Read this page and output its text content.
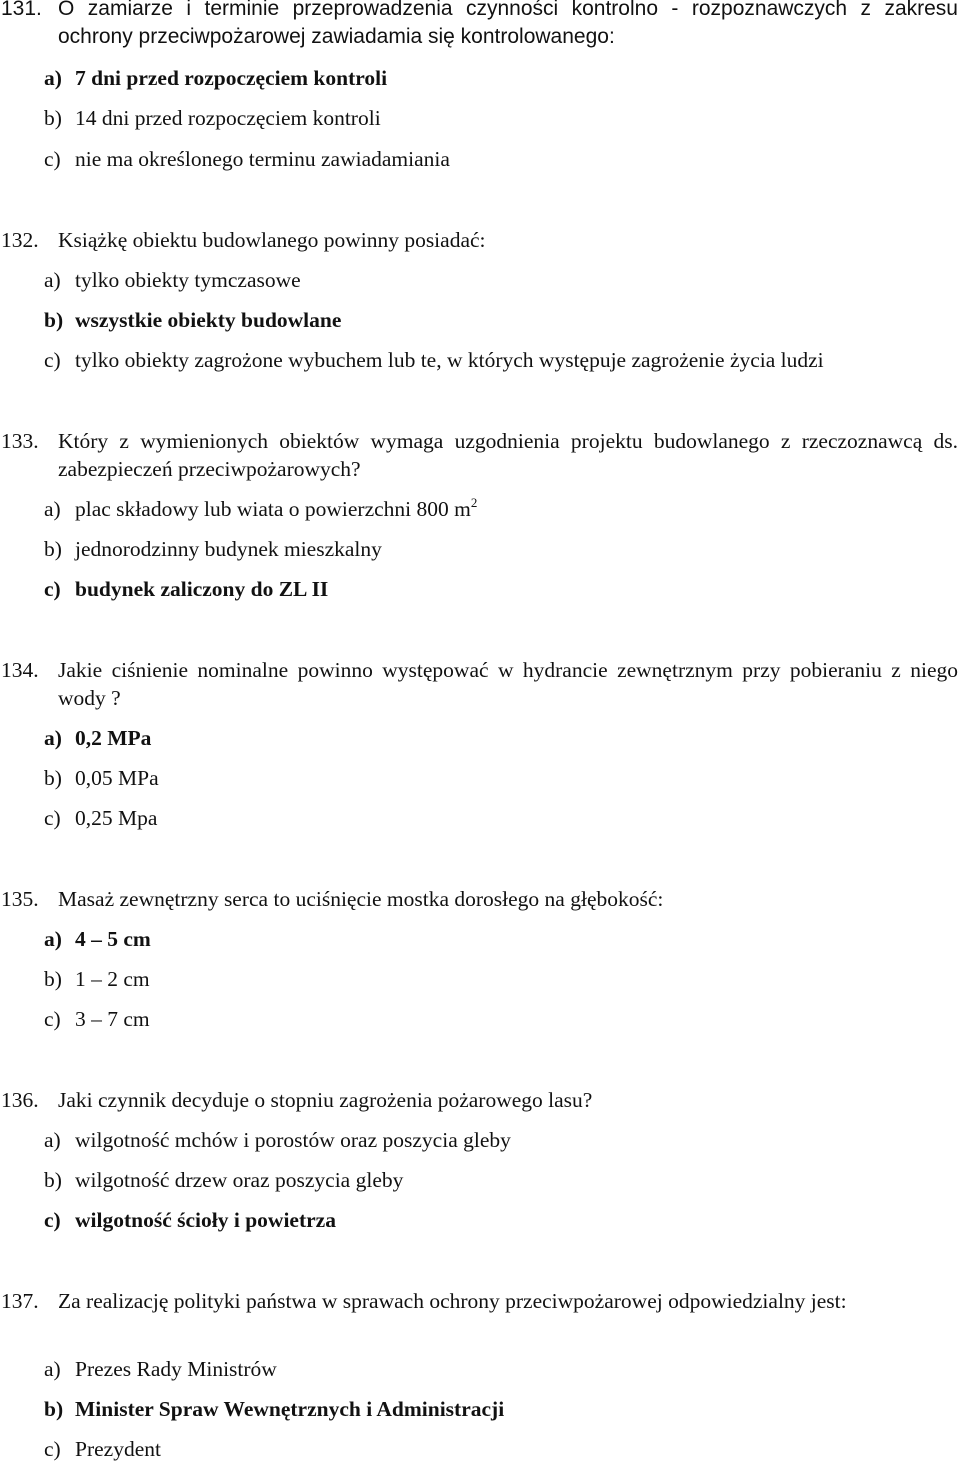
131. O zamiarze i terminie przeprowadzenia czynności kontrolno - rozpoznawczych z zakresu ochrony przeciwpożarowej zawiadamia się kontrolowanego:
a) 7 dni przed rozpoczęciem kontroli
b) 14 dni przed rozpoczęciem kontroli
c) nie ma określonego terminu zawiadamiania
132. Książkę obiektu budowlanego powinny posiadać:
a) tylko obiekty tymczasowe
b) wszystkie obiekty budowlane
c) tylko obiekty zagrożone wybuchem lub te, w których występuje zagrożenie życia ludzi
133. Który z wymienionych obiektów wymaga uzgodnienia projektu budowlanego z rzeczoznawcą ds. zabezpieczeń przeciwpożarowych?
a) plac składowy lub wiata o powierzchni 800 $m^2$
b) jednorodzinny budynek mieszkalny
c) budynek zaliczony do ZL II
134. Jakie ciśnienie nominalne powinno występować w hydrancie zewnętrznym przy pobieraniu z niego wody ?
a) 0,2 MPa
b) 0,05 MPa
c) 0,25 Mpa
135. Masaż zewnętrzny serca to uciśnięcie mostka dorosłego na głębokość:
a) 4 – 5 cm
b) 1 – 2 cm
c) 3 – 7 cm
136. Jaki czynnik decyduje o stopniu zagrożenia pożarowego lasu?
a) wilgotność mchów i porostów oraz poszycia gleby
b) wilgotność drzew oraz poszycia gleby
c) wilgotność ścioły i powietrza
137. Za realizację polityki państwa w sprawach ochrony przeciwpożarowej odpowiedzialny jest:
a) Prezes Rady Ministrów
b) Minister Spraw Wewnętrznych i Administracji
c) Prezydent
